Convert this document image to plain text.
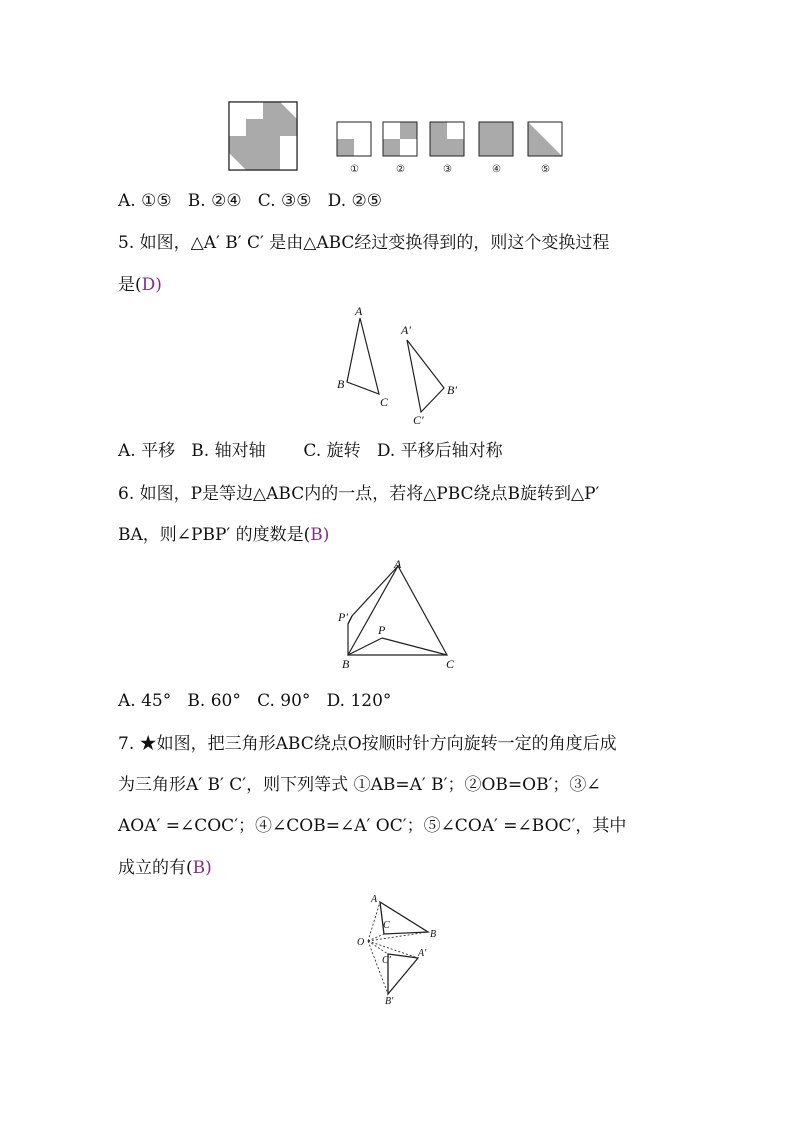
①	②	③	④	⑤
A. ①⑤   B. ②④   C. ③⑤   D. ②⑤
5. 如图，△A′ B′ C′ 是由△ABC经过变换得到的，则这个变换过程
是(D)
A
B
C
A′
B′
C′
A. 平移   B. 轴对轴       C. 旋转   D. 平移后轴对称
6. 如图，P是等边△ABC内的一点，若将△PBC绕点B旋转到△P′
BA，则∠PBP′ 的度数是(B)
A
B	C
P
P′
A. 45°   B. 60°   C. 90°   D. 120°
7. ★如图，把三角形ABC绕点O按顺时针方向旋转一定的角度后成
为三角形A′ B′ C′，则下列等式 ①AB=A′ B′；②OB=OB′；③∠
AOA′ =∠COC′；④∠COB=∠A′ OC′；⑤∠COA′ =∠BOC′，其中
成立的有(B)
A
B
C
O
A′
B′
C′
